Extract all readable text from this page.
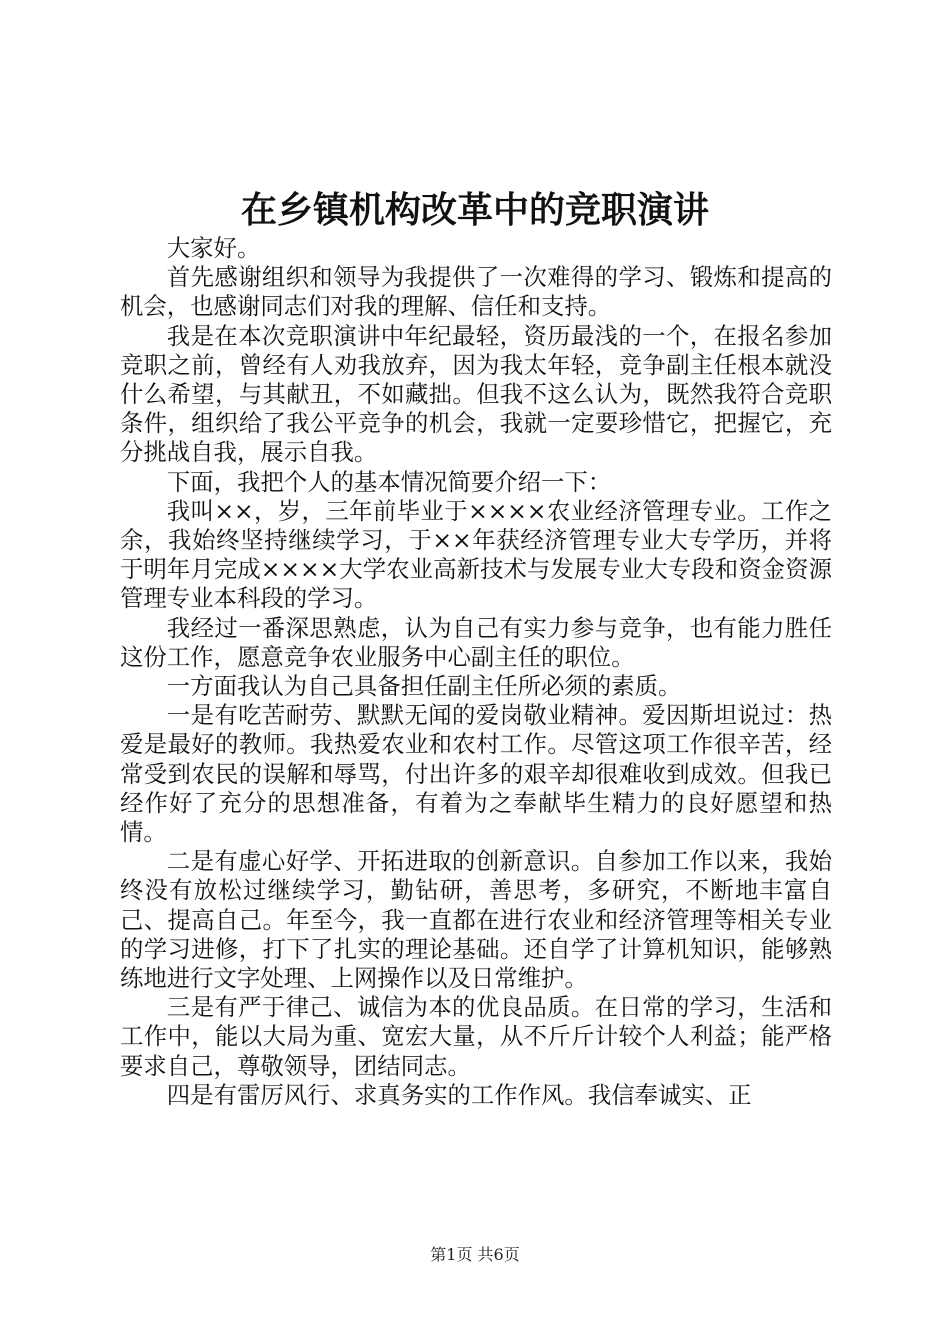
在乡镇机构改革中的竞职演讲

大家好。

首先感谢组织和领导为我提供了一次难得的学习、锻炼和提高的机会，也感谢同志们对我的理解、信任和支持。

我是在本次竞职演讲中年纪最轻，资历最浅的一个，在报名参加竞职之前，曾经有人劝我放弃，因为我太年轻，竞争副主任根本就没什么希望，与其献丑，不如藏拙。但我不这么认为，既然我符合竞职条件，组织给了我公平竞争的机会，我就一定要珍惜它，把握它，充分挑战自我，展示自我。

下面，我把个人的基本情况简要介绍一下：

我叫××，岁，三年前毕业于××××农业经济管理专业。工作之余，我始终坚持继续学习，于××年获经济管理专业大专学历，并将于明年月完成××××大学农业高新技术与发展专业大专段和资金资源管理专业本科段的学习。

我经过一番深思熟虑，认为自己有实力参与竞争，也有能力胜任这份工作，愿意竞争农业服务中心副主任的职位。

一方面我认为自己具备担任副主任所必须的素质。

一是有吃苦耐劳、默默无闻的爱岗敬业精神。爱因斯坦说过：热爱是最好的教师。我热爱农业和农村工作。尽管这项工作很辛苦，经常受到农民的误解和辱骂，付出许多的艰辛却很难收到成效。但我已经作好了充分的思想准备，有着为之奉献毕生精力的良好愿望和热情。

二是有虚心好学、开拓进取的创新意识。自参加工作以来，我始终没有放松过继续学习，勤钻研，善思考，多研究，不断地丰富自己、提高自己。年至今，我一直都在进行农业和经济管理等相关专业的学习进修，打下了扎实的理论基础。还自学了计算机知识，能够熟练地进行文字处理、上网操作以及日常维护。

三是有严于律己、诚信为本的优良品质。在日常的学习，生活和工作中，能以大局为重、宽宏大量，从不斤斤计较个人利益；能严格要求自己，尊敬领导，团结同志。

四是有雷厉风行、求真务实的工作作风。我信奉诚实、正

第1页 共6页
